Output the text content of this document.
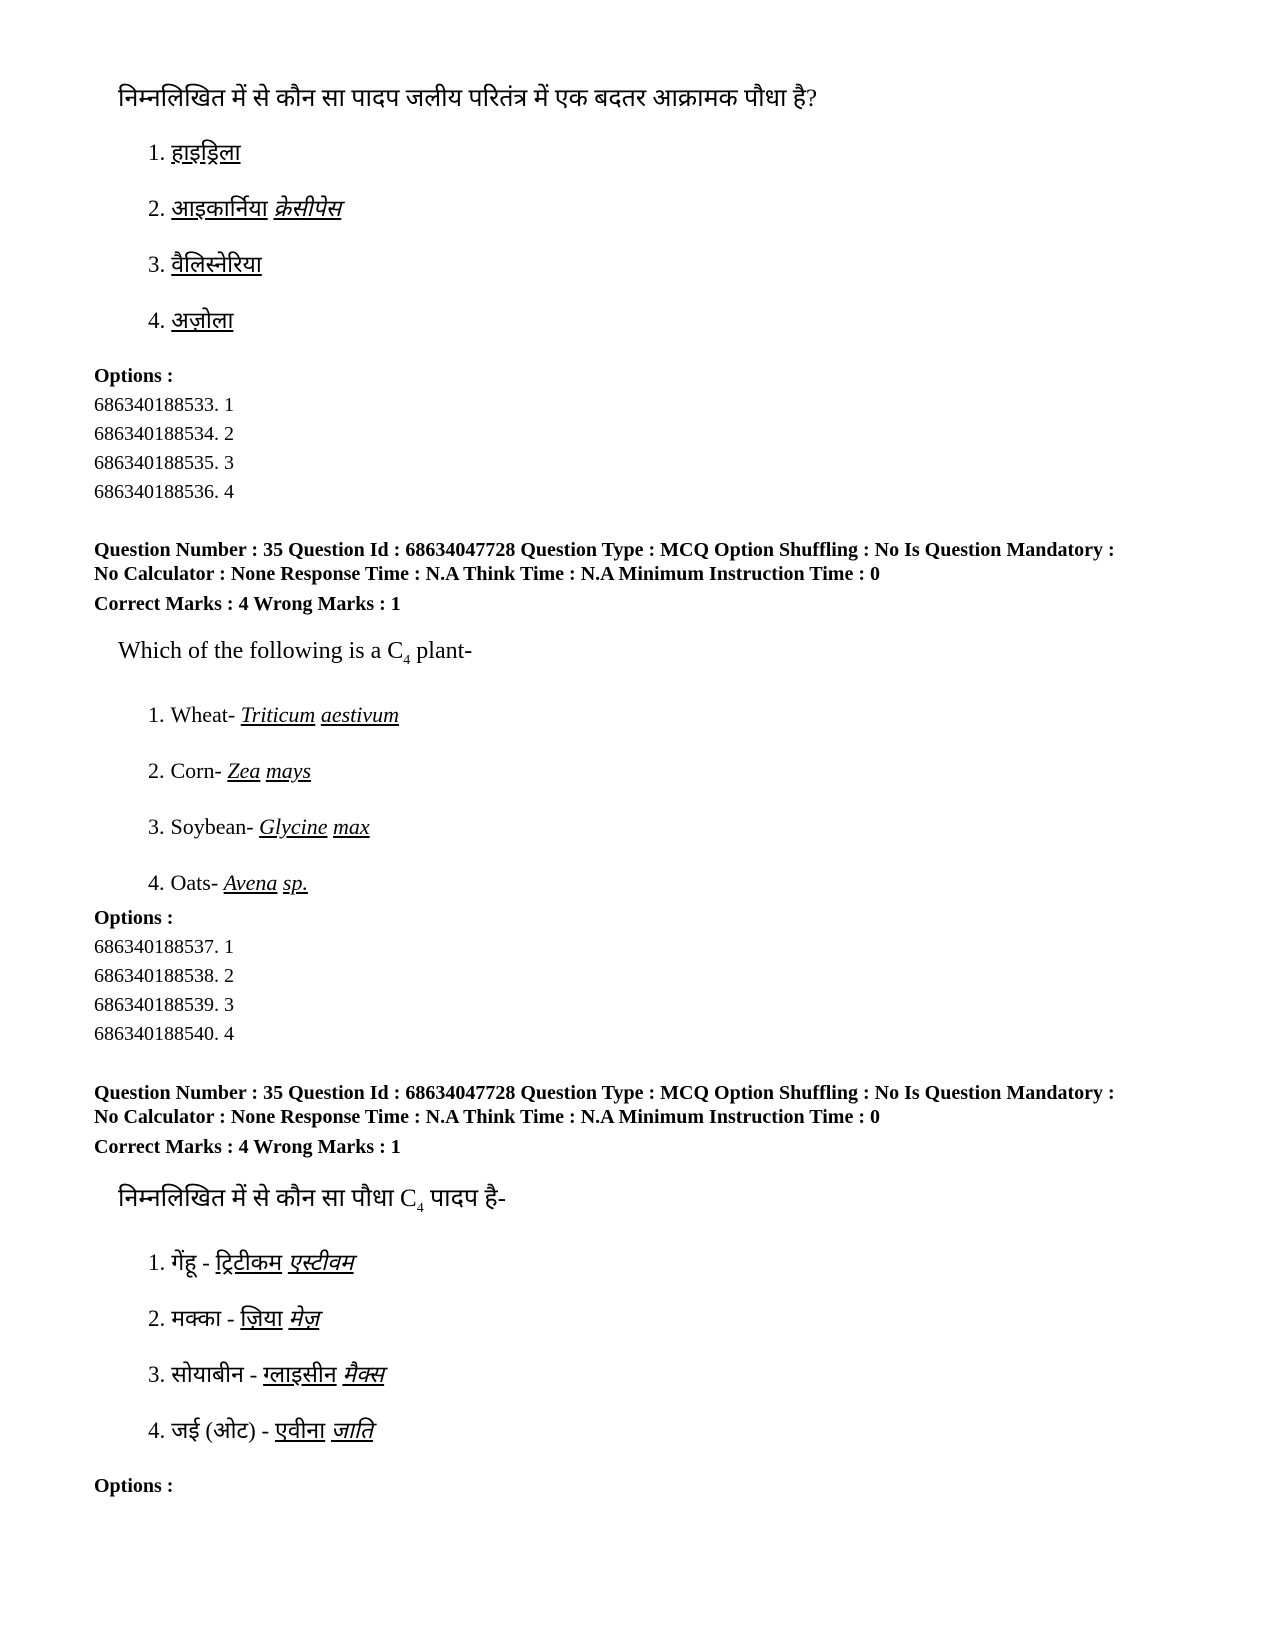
निम्नलिखित में से कौन सा पादप जलीय परितंत्र में एक बदतर आक्रामक पौधा है?
1. हाइड्रिला
2. आइकार्निया क्रेसीपेस
3. वैलिस्नेरिया
4. अज़ोला
Options :
686340188533. 1
686340188534. 2
686340188535. 3
686340188536. 4
Question Number : 35 Question Id : 68634047728 Question Type : MCQ Option Shuffling : No Is Question Mandatory :
No Calculator : None Response Time : N.A Think Time : N.A Minimum Instruction Time : 0
Correct Marks : 4 Wrong Marks : 1
Which of the following is a $C_4$ plant-
1. Wheat- Triticum aestivum
2. Corn- Zea mays
3. Soybean- Glycine max
4. Oats- Avena sp.
Options :
686340188537. 1
686340188538. 2
686340188539. 3
686340188540. 4
Question Number : 35 Question Id : 68634047728 Question Type : MCQ Option Shuffling : No Is Question Mandatory :
No Calculator : None Response Time : N.A Think Time : N.A Minimum Instruction Time : 0
Correct Marks : 4 Wrong Marks : 1
निम्नलिखित में से कौन सा पौधा $C_4$ पादप है-
1. गेंहू - ट्रिटीकम एस्टीवम
2. मक्का - ज़िया मेज़
3. सोयाबीन - ग्लाइसीन मैक्स
4. जई (ओट) - एवीना जाति
Options :
